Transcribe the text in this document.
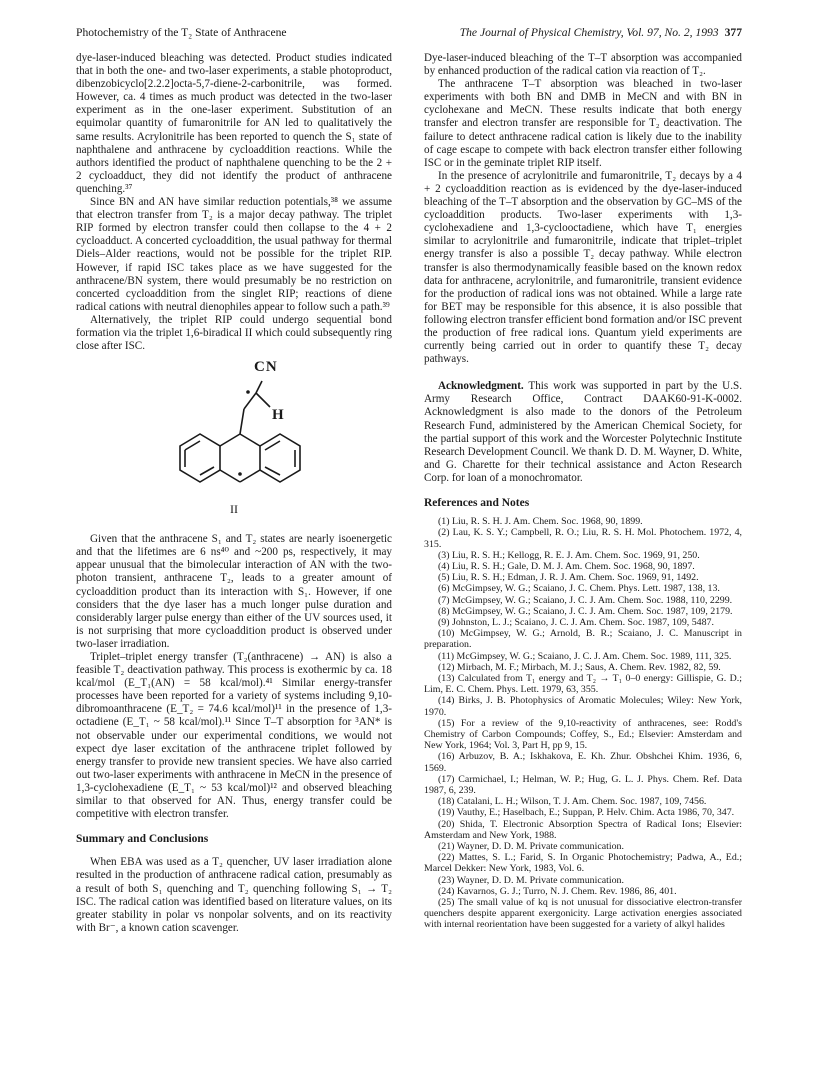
Photochemistry of the T₂ State of Anthracene	The Journal of Physical Chemistry, Vol. 97, No. 2, 1993 377

dye-laser-induced bleaching was detected. Product studies indicated that in both the one- and two-laser experiments, a stable photoproduct, dibenzobicyclo[2.2.2]octa-5,7-diene-2-carbonitrile, was formed. However, ca. 4 times as much product was detected in the two-laser experiment as in the one-laser experiment. Substitution of an equimolar quantity of fumaronitrile for AN led to qualitatively the same results. Acrylonitrile has been reported to quench the S₁ state of naphthalene and anthracene by cycloaddition reactions. While the authors identified the product of naphthalene quenching to be the 2 + 2 cycloadduct, they did not identify the product of anthracene quenching.³⁷

Since BN and AN have similar reduction potentials,³⁸ we assume that electron transfer from T₂ is a major decay pathway. The triplet RIP formed by electron transfer could then collapse to the 4 + 2 cycloadduct. A concerted cycloaddition, the usual pathway for thermal Diels–Alder reactions, would not be possible for the triplet RIP. However, if rapid ISC takes place as we have suggested for the anthracene/BN system, there would presumably be no restriction on concerted cycloaddition from the singlet RIP; reactions of diene radical cations with neutral dienophiles appear to follow such a path.³⁹

Alternatively, the triplet RIP could undergo sequential bond formation via the triplet 1,6-biradical II which could subsequently ring close after ISC.

CN
H
II

Given that the anthracene S₁ and T₂ states are nearly isoenergetic and that the lifetimes are 6 ns⁴⁰ and ~200 ps, respectively, it may appear unusual that the bimolecular interaction of AN with the two-photon transient, anthracene T₂, leads to a greater amount of cycloaddition product than its interaction with S₁. However, if one considers that the dye laser has a much longer pulse duration and considerably larger pulse energy than either of the UV sources used, it is not surprising that more cycloaddition product is observed under two-laser irradiation.

Triplet–triplet energy transfer (T₂(anthracene) → AN) is also a feasible T₂ deactivation pathway. This process is exothermic by ca. 18 kcal/mol (E_T₁(AN) = 58 kcal/mol).⁴¹ Similar energy-transfer processes have been reported for a variety of systems including 9,10-dibromoanthracene (E_T₂ = 74.6 kcal/mol)¹¹ in the presence of 1,3-octadiene (E_T₁ ~ 58 kcal/mol).¹¹ Since T–T absorption for ³AN* is not observable under our experimental conditions, we would not expect dye laser excitation of the anthracene triplet followed by energy transfer to provide new transient species. We have also carried out two-laser experiments with anthracene in MeCN in the presence of 1,3-cyclohexadiene (E_T₁ ~ 53 kcal/mol)¹² and observed bleaching similar to that observed for AN. Thus, energy transfer could be competitive with electron transfer.

Summary and Conclusions

When EBA was used as a T₂ quencher, UV laser irradiation alone resulted in the production of anthracene radical cation, presumably as a result of both S₁ quenching and T₂ quenching following S₁ → T₂ ISC. The radical cation was identified based on literature values, on its greater stability in polar vs nonpolar solvents, and on its reactivity with Br⁻, a known cation scavenger.

Dye-laser-induced bleaching of the T–T absorption was accompanied by enhanced production of the radical cation via reaction of T₂.

The anthracene T–T absorption was bleached in two-laser experiments with both BN and DMB in MeCN and with BN in cyclohexane and MeCN. These results indicate that both energy transfer and electron transfer are responsible for T₂ deactivation. The failure to detect anthracene radical cation is likely due to the inability of cage escape to compete with back electron transfer either following ISC or in the geminate triplet RIP itself.

In the presence of acrylonitrile and fumaronitrile, T₂ decays by a 4 + 2 cycloaddition reaction as is evidenced by the dye-laser-induced bleaching of the T–T absorption and the observation by GC–MS of the cycloaddition products. Two-laser experiments with 1,3-cyclohexadiene and 1,3-cyclooctadiene, which have T₁ energies similar to acrylonitrile and fumaronitrile, indicate that triplet–triplet energy transfer is also a possible T₂ decay pathway. While electron transfer is also thermodynamically feasible based on the known redox data for anthracene, acrylonitrile, and fumaronitrile, transient evidence for the production of radical ions was not obtained. While a large rate for BET may be responsible for this absence, it is also possible that following electron transfer efficient bond formation and/or ISC prevent the production of free radical ions. Quantum yield experiments are currently being carried out in order to quantify these T₂ decay pathways.

Acknowledgment. This work was supported in part by the U.S. Army Research Office, Contract DAAK60-91-K-0002. Acknowledgment is also made to the donors of the Petroleum Research Fund, administered by the American Chemical Society, for the partial support of this work and the Worcester Polytechnic Institute Research Development Council. We thank D. D. M. Wayner, D. White, and G. Charette for their technical assistance and Acton Research Corp. for loan of a monochromator.

References and Notes
(1) Liu, R. S. H. J. Am. Chem. Soc. 1968, 90, 1899.
(2) Lau, K. S. Y.; Campbell, R. O.; Liu, R. S. H. Mol. Photochem. 1972, 4, 315.
(3) Liu, R. S. H.; Kellogg, R. E. J. Am. Chem. Soc. 1969, 91, 250.
(4) Liu, R. S. H.; Gale, D. M. J. Am. Chem. Soc. 1968, 90, 1897.
(5) Liu, R. S. H.; Edman, J. R. J. Am. Chem. Soc. 1969, 91, 1492.
(6) McGimpsey, W. G.; Scaiano, J. C. Chem. Phys. Lett. 1987, 138, 13.
(7) McGimpsey, W. G.; Scaiano, J. C. J. Am. Chem. Soc. 1988, 110, 2299.
(8) McGimpsey, W. G.; Scaiano, J. C. J. Am. Chem. Soc. 1987, 109, 2179.
(9) Johnston, L. J.; Scaiano, J. C. J. Am. Chem. Soc. 1987, 109, 5487.
(10) McGimpsey, W. G.; Arnold, B. R.; Scaiano, J. C. Manuscript in preparation.
(11) McGimpsey, W. G.; Scaiano, J. C. J. Am. Chem. Soc. 1989, 111, 325.
(12) Mirbach, M. F.; Mirbach, M. J.; Saus, A. Chem. Rev. 1982, 82, 59.
(13) Calculated from T₁ energy and T₂ → T₁ 0–0 energy: Gillispie, G. D.; Lim, E. C. Chem. Phys. Lett. 1979, 63, 355.
(14) Birks, J. B. Photophysics of Aromatic Molecules; Wiley: New York, 1970.
(15) For a review of the 9,10-reactivity of anthracenes, see: Rodd's Chemistry of Carbon Compounds; Coffey, S., Ed.; Elsevier: Amsterdam and New York, 1964; Vol. 3, Part H, pp 9, 15.
(16) Arbuzov, B. A.; Iskhakova, E. Kh. Zhur. Obshchei Khim. 1936, 6, 1569.
(17) Carmichael, I.; Helman, W. P.; Hug, G. L. J. Phys. Chem. Ref. Data 1987, 6, 239.
(18) Catalani, L. H.; Wilson, T. J. Am. Chem. Soc. 1987, 109, 7456.
(19) Vauthy, E.; Haselbach, E.; Suppan, P. Helv. Chim. Acta 1986, 70, 347.
(20) Shida, T. Electronic Absorption Spectra of Radical Ions; Elsevier: Amsterdam and New York, 1988.
(21) Wayner, D. D. M. Private communication.
(22) Mattes, S. L.; Farid, S. In Organic Photochemistry; Padwa, A., Ed.; Marcel Dekker: New York, 1983, Vol. 6.
(23) Wayner, D. D. M. Private communication.
(24) Kavarnos, G. J.; Turro, N. J. Chem. Rev. 1986, 86, 401.
(25) The small value of kq is not unusual for dissociative electron-transfer quenchers despite apparent exergonicity. Large activation energies associated with internal reorientation have been suggested for a variety of alkyl halides
